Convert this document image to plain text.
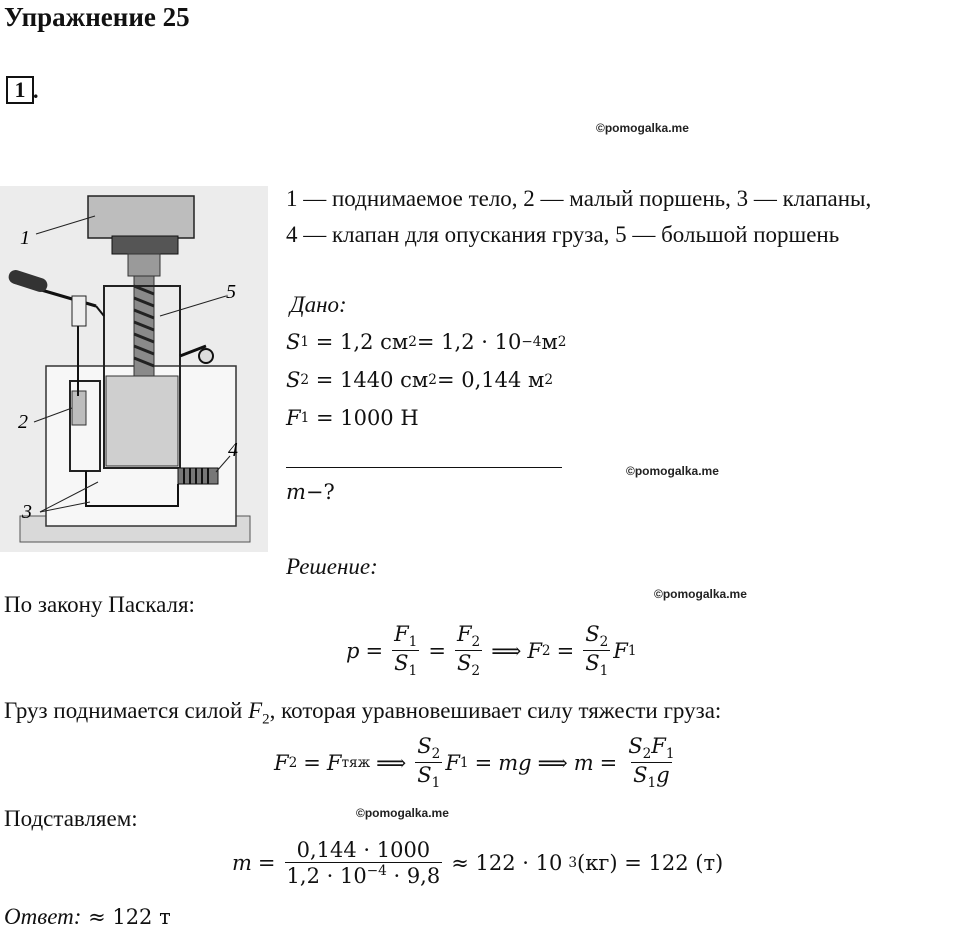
Упражнение 25
1 .
©pomogalka.me
1
5
2
3
4
1 — поднимаемое тело, 2 — малый поршень, 3 — клапаны,
4 — клапан для опускания груза, 5 — большой поршень
Дано:
S 1
= 1,2 см 2 = 1,2 · 10 −4 м 2
S 2
= 1440 см 2 = 0,144 м 2
F 1
= 1000 Н
©pomogalka.me
m −?
Решение:
©pomogalka.me
По закону Паскаля:
$p = \frac{F_1}{S_1} = \frac{F_2}{S_2}$ ⟹ F $2 = \frac{S_2}{S_1}$ F 1
Груз поднимается силой $F_2$, которая уравновешивает силу тяжести груза:
F 2 = F тяж ⟹ $\frac{S_2}{S_1}$ F 1 = mg ⟹ $m = \frac{S_2F_1}{S_1g}$
©pomogalka.me
Подставляем:
$m = \frac{0,144 \cdot 1000}{1,2 \cdot 10^{-4} \cdot 9,8} \approx 122 \cdot 10$ 3 (кг) = 122 (т)
Ответ: ≈ 122 т
